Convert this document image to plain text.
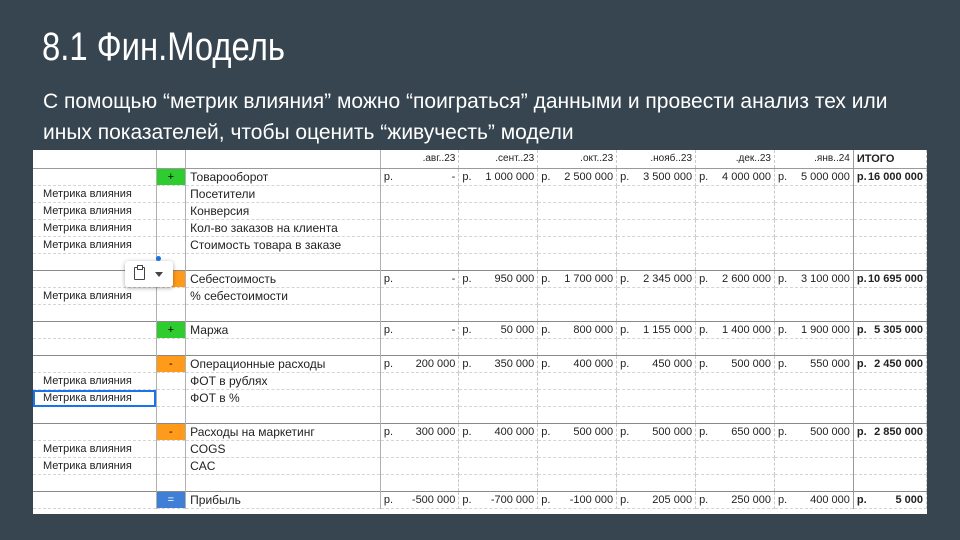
8.1 Фин.Модель
С помощью “метрик влияния” можно “поиграться” данными и провести анализ тех или иных показателей, чтобы оценить “живучесть” модели
			.авг..23	.сент..23	.окт..23	.нояб..23	.дек..23	.янв..24	ИТОГО
	+	Товарооборот	р. -	р. 1 000 000	р. 2 500 000	р. 3 500 000	р. 4 000 000	р. 5 000 000	р. 16 000 000

Метрика влияния		Посетители							
Метрика влияния		Конверсия							
Метрика влияния		Кол-во заказов на клиента							
Метрика влияния		Стоимость товара в заказе							

		Себестоимость	р. -	р. 950 000	р. 1 700 000	р. 2 345 000	р. 2 600 000	р. 3 100 000	р. 10 695 000

Метрика влияния		% себестоимости							

	+	Маржа	р. -	р. 50 000	р. 800 000	р. 1 155 000	р. 1 400 000	р. 1 900 000	р. 5 305 000

	-	Операционные расходы	р. 200 000	р. 350 000	р. 400 000	р. 450 000	р. 500 000	р. 550 000	р. 2 450 000

Метрика влияния		ФОТ в рублях							
Метрика влияния		ФОТ в %							

	-	Расходы на маркетинг	р. 300 000	р. 400 000	р. 500 000	р. 500 000	р. 650 000	р. 500 000	р. 2 850 000

Метрика влияния		COGS							
Метрика влияния		CAC							

	=	Прибыль	р. -500 000	р. -700 000	р. -100 000	р. 205 000	р. 250 000	р. 400 000	р. 5 000
